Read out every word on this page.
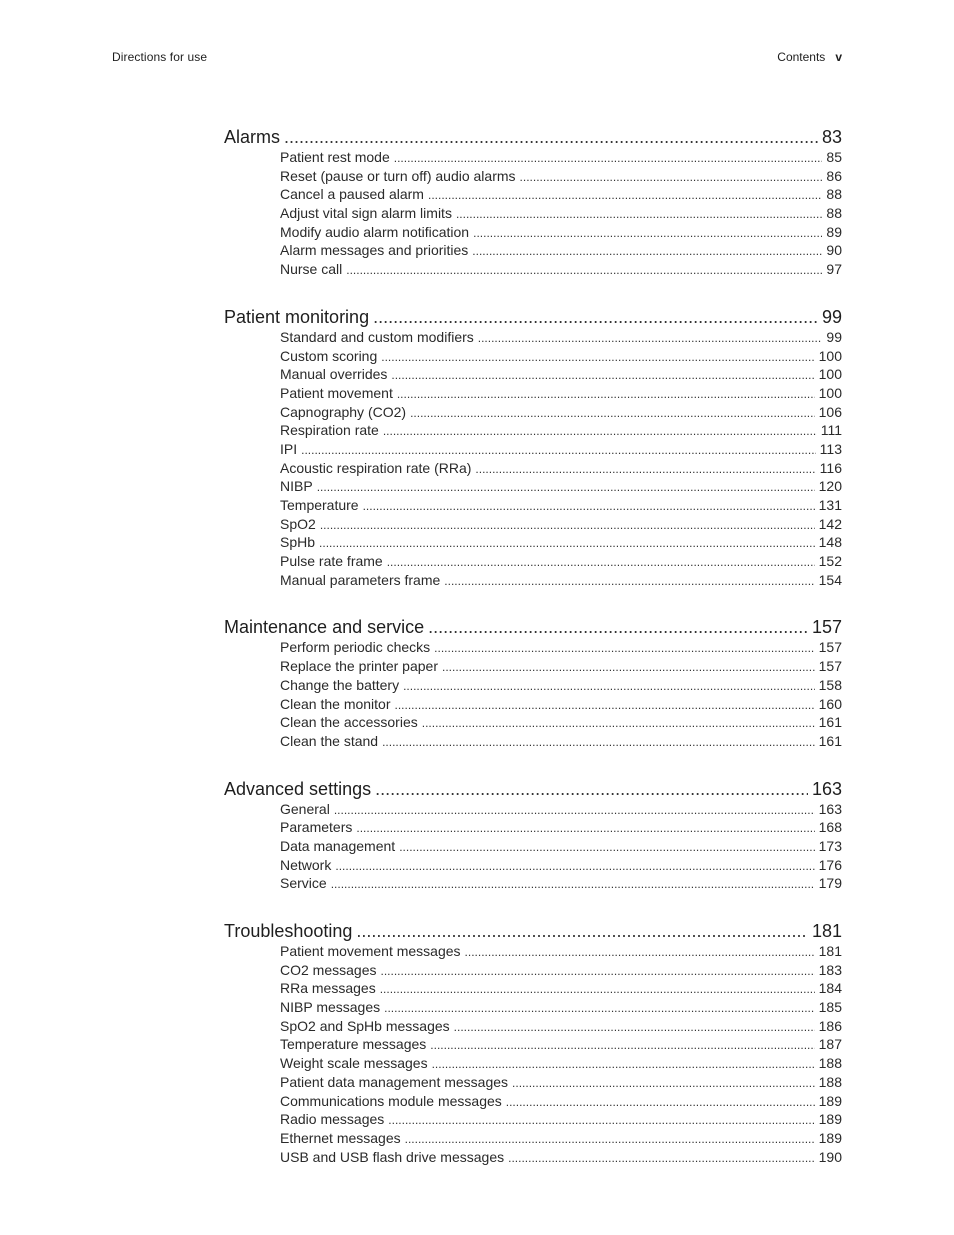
Directions for use	Contents v
Alarms .....	83
Patient rest mode .....	85
Reset (pause or turn off) audio alarms .....	86
Cancel a paused alarm .....	88
Adjust vital sign alarm limits .....	88
Modify audio alarm notification .....	89
Alarm messages and priorities .....	90
Nurse call .....	97
Patient monitoring .....	99
Standard and custom modifiers .....	99
Custom scoring .....	100
Manual overrides .....	100
Patient movement .....	100
Capnography (CO2) .....	106
Respiration rate .....	111
IPI .....	113
Acoustic respiration rate (RRa) .....	116
NIBP .....	120
Temperature .....	131
SpO2 .....	142
SpHb .....	148
Pulse rate frame .....	152
Manual parameters frame .....	154
Maintenance and service .....	157
Perform periodic checks .....	157
Replace the printer paper .....	157
Change the battery .....	158
Clean the monitor .....	160
Clean the accessories .....	161
Clean the stand .....	161
Advanced settings .....	163
General .....	163
Parameters .....	168
Data management .....	173
Network .....	176
Service .....	179
Troubleshooting .....	181
Patient movement messages .....	181
CO2 messages .....	183
RRa messages .....	184
NIBP messages .....	185
SpO2 and SpHb messages .....	186
Temperature messages .....	187
Weight scale messages .....	188
Patient data management messages .....	188
Communications module messages .....	189
Radio messages .....	189
Ethernet messages .....	189
USB and USB flash drive messages .....	190
